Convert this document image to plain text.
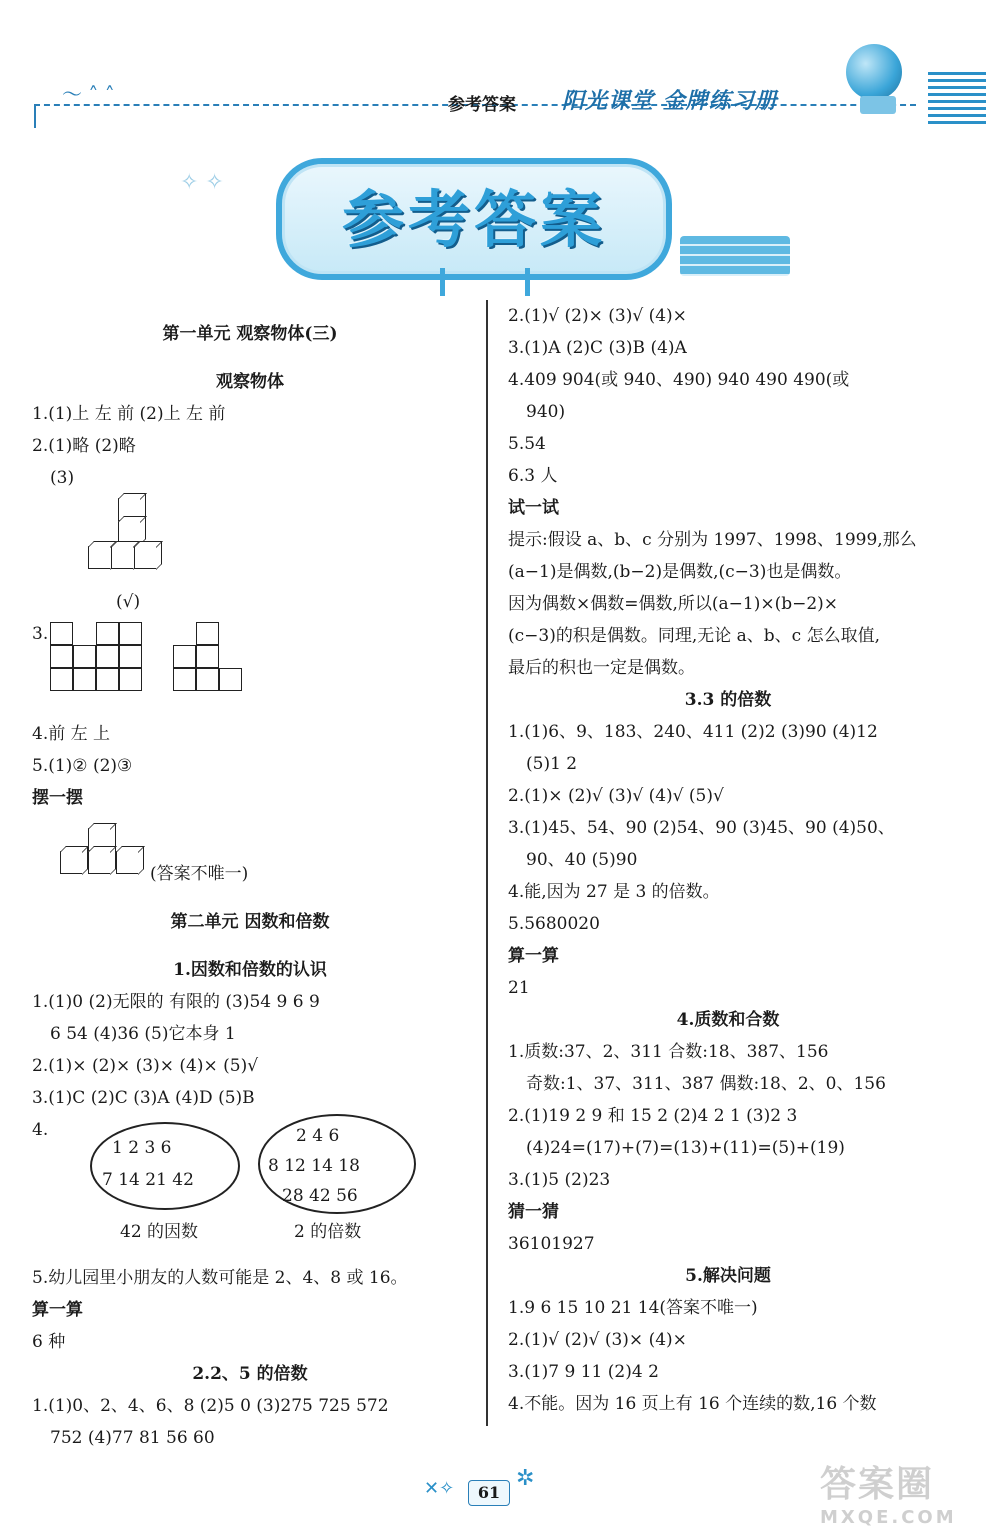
〜 ˄ ˄	参考答案 阳光课堂 金牌练习册
✧ ✧
参考答案
第一单元 观察物体(三)
观察物体
1.(1)上 左 前 (2)上 左 前
2.(1)略 (2)略
(3)
(√)
3.
4.前 左 上
5.(1)② (2)③
摆一摆
(答案不唯一)
第二单元 因数和倍数
1.因数和倍数的认识
1.(1)0 (2)无限的 有限的 (3)54 9 6 9
6 54 (4)36 (5)它本身 1
2.(1)× (2)× (3)× (4)× (5)√
3.(1)C (2)C (3)A (4)D (5)B
4.
1 2 3 6
7 14 21 42
42 的因数
2 4 6
8 12 14 18
28 42 56
2 的倍数
5.幼儿园里小朋友的人数可能是 2、4、8 或 16。
算一算
6 种
2.2、5 的倍数
1.(1)0、2、4、6、8 (2)5 0 (3)275 725 572
752 (4)77 81 56 60
2.(1)√ (2)× (3)√ (4)×
3.(1)A (2)C (3)B (4)A
4.409 904(或 940、490) 940 490 490(或
940)
5.54
6.3 人
试一试
提示:假设 a、b、c 分别为 1997、1998、1999,那么
(a−1)是偶数,(b−2)是偶数,(c−3)也是偶数。
因为偶数×偶数=偶数,所以(a−1)×(b−2)×
(c−3)的积是偶数。同理,无论 a、b、c 怎么取值,
最后的积也一定是偶数。
3.3 的倍数
1.(1)6、9、183、240、411 (2)2 (3)90 (4)12
(5)1 2
2.(1)× (2)√ (3)√ (4)√ (5)√
3.(1)45、54、90 (2)54、90 (3)45、90 (4)50、
90、40 (5)90
4.能,因为 27 是 3 的倍数。
5.5680020
算一算
21
4.质数和合数
1.质数:37、2、311 合数:18、387、156
奇数:1、37、311、387 偶数:18、2、0、156
2.(1)19 2 9 和 15 2 (2)4 2 1 (3)2 3
(4)24=(17)+(7)=(13)+(11)=(5)+(19)
3.(1)5 (2)23
猜一猜
36101927
5.解决问题
1.9 6 15 10 21 14(答案不唯一)
2.(1)√ (2)√ (3)× (4)×
3.(1)7 9 11 (2)4 2
4.不能。因为 16 页上有 16 个连续的数,16 个数
✕✧	61
✲	答案圈
MXQE.COM
